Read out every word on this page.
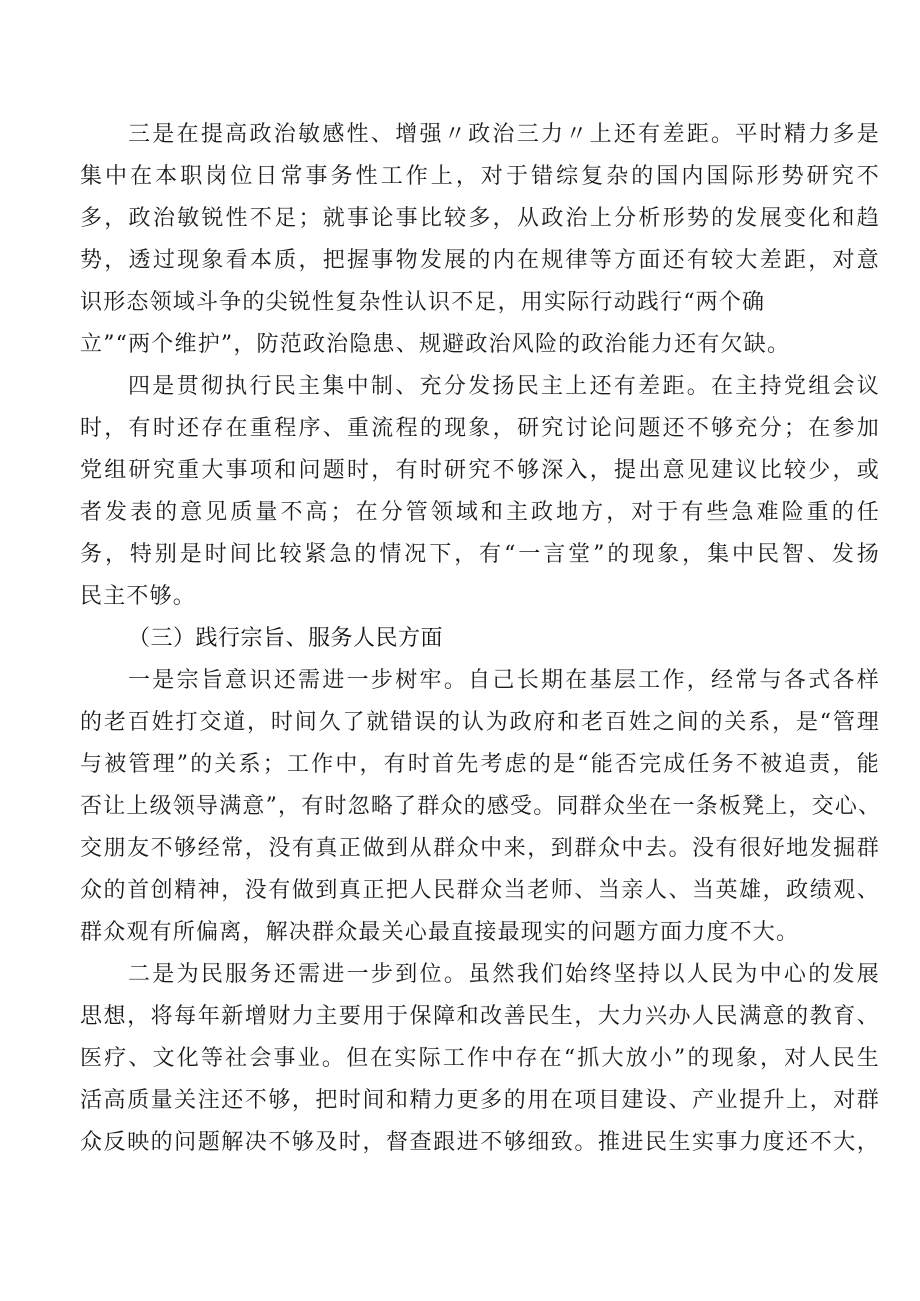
三是在提高政治敏感性、增强〃政治三力〃上还有差距。平时精力多是
集中在本职岗位日常事务性工作上，对于错综复杂的国内国际形势研究不
多，政治敏锐性不足；就事论事比较多，从政治上分析形势的发展变化和趋
势，透过现象看本质，把握事物发展的内在规律等方面还有较大差距，对意
识形态领域斗争的尖锐性复杂性认识不足，用实际行动践行“两个确
立”“两个维护”，防范政治隐患、规避政治风险的政治能力还有欠缺。
四是贯彻执行民主集中制、充分发扬民主上还有差距。在主持党组会议
时，有时还存在重程序、重流程的现象，研究讨论问题还不够充分；在参加
党组研究重大事项和问题时，有时研究不够深入，提出意见建议比较少，或
者发表的意见质量不高；在分管领域和主政地方，对于有些急难险重的任
务，特别是时间比较紧急的情况下，有“一言堂”的现象，集中民智、发扬
民主不够。
（三）践行宗旨、服务人民方面
一是宗旨意识还需进一步树牢。自己长期在基层工作，经常与各式各样
的老百姓打交道，时间久了就错误的认为政府和老百姓之间的关系，是“管理
与被管理”的关系；工作中，有时首先考虑的是“能否完成任务不被追责，能
否让上级领导满意”，有时忽略了群众的感受。同群众坐在一条板凳上，交心、
交朋友不够经常，没有真正做到从群众中来，到群众中去。没有很好地发掘群
众的首创精神，没有做到真正把人民群众当老师、当亲人、当英雄，政绩观、
群众观有所偏离，解决群众最关心最直接最现实的问题方面力度不大。
二是为民服务还需进一步到位。虽然我们始终坚持以人民为中心的发展
思想，将每年新增财力主要用于保障和改善民生，大力兴办人民满意的教育、
医疗、文化等社会事业。但在实际工作中存在“抓大放小”的现象，对人民生
活高质量关注还不够，把时间和精力更多的用在项目建设、产业提升上，对群
众反映的问题解决不够及时，督查跟进不够细致。推进民生实事力度还不大，
